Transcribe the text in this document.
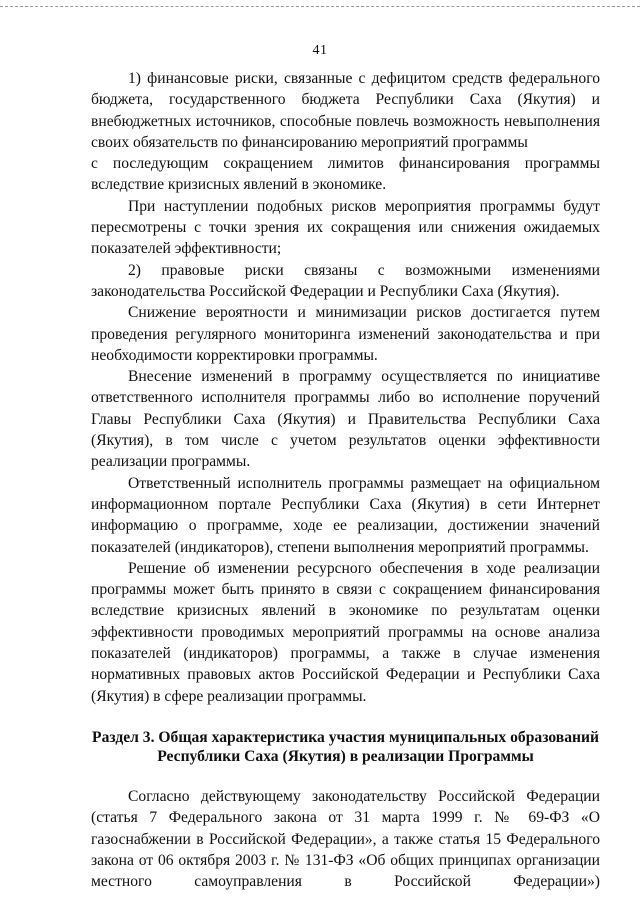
41

1) финансовые риски, связанные с дефицитом средств федерального бюджета, государственного бюджета Республики Саха (Якутия) и внебюджетных источников, способные повлечь возможность невыполнения своих обязательств по финансированию мероприятий программы

с последующим сокращением лимитов финансирования программы вследствие кризисных явлений в экономике.

При наступлении подобных рисков мероприятия программы будут пересмотрены с точки зрения их сокращения или снижения ожидаемых показателей эффективности;

2) правовые риски связаны с возможными изменениями законодательства Российской Федерации и Республики Саха (Якутия).

Снижение вероятности и минимизации рисков достигается путем проведения регулярного мониторинга изменений законодательства и при необходимости корректировки программы.

Внесение изменений в программу осуществляется по инициативе ответственного исполнителя программы либо во исполнение поручений Главы Республики Саха (Якутия) и Правительства Республики Саха (Якутия), в том числе с учетом результатов оценки эффективности реализации программы.

Ответственный исполнитель программы размещает на официальном информационном портале Республики Саха (Якутия) в сети Интернет информацию о программе, ходе ее реализации, достижении значений показателей (индикаторов), степени выполнения мероприятий программы.

Решение об изменении ресурсного обеспечения в ходе реализации программы может быть принято в связи с сокращением финансирования вследствие кризисных явлений в экономике по результатам оценки эффективности проводимых мероприятий программы на основе анализа показателей (индикаторов) программы, а также в случае изменения нормативных правовых актов Российской Федерации и Республики Саха (Якутия) в сфере реализации программы.

Раздел 3. Общая характеристика участия муниципальных образований
Республики Саха (Якутия) в реализации Программы

Согласно действующему законодательству Российской Федерации (статья 7 Федерального закона от 31 марта 1999 г. № 69-ФЗ «О газоснабжении в Российской Федерации», а также статья 15 Федерального закона от 06 октября 2003 г. № 131-ФЗ «Об общих принципах организации местного самоуправления в Российской Федерации»)
